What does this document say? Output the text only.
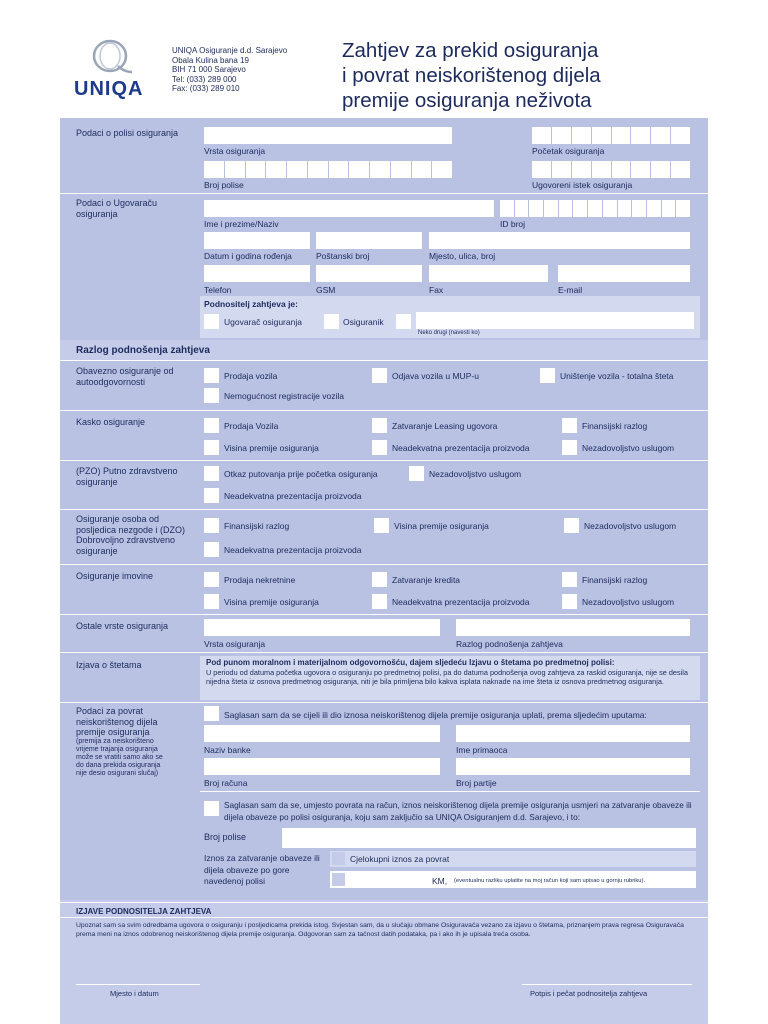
UNIQA
UNIQA Osiguranje d.d. Sarajevo
Obala Kulina bana 19
BIH 71 000 Sarajevo
Tel: (033) 289 000
Fax: (033) 289 010
Zahtjev za prekid osiguranja
i povrat neiskorištenog dijela
premije osiguranja neživota
Podaci o polisi osiguranja
Vrsta osiguranja	Početak osiguranja
Broj polise	Ugovoreni istek osiguranja
Podaci o Ugovaraču osiguranja
Ime i prezime/Naziv	ID broj
Datum i godina rođenja	Poštanski broj	Mjesto, ulica, broj
Telefon	GSM	Fax	E-mail
Podnositelj zahtjeva je:
Ugovarač osiguranja	Osiguranik
Neko drugi (navesti ko)
Razlog podnošenja zahtjeva
Obavezno osiguranje od autoodgovornosti
Prodaja vozila	Odjava vozila u MUP-u	Uništenje vozila - totalna šteta
Nemogućnost registracije vozila
Kasko osiguranje	Prodaja Vozila	Zatvaranje Leasing ugovora	Finansijski razlog
Visina premije osiguranja	Neadekvatna prezentacija proizvoda	Nezadovoljstvo uslugom
(PZO) Putno zdravstveno osiguranje
Otkaz putovanja prije početka osiguranja	Nezadovoljstvo uslugom
Neadekvatna prezentacija proizvoda
Osiguranje osoba od posljedica nezgode i (DZO) Dobrovoljno zdravstveno osiguranje
Finansijski razlog	Visina premije osiguranja	Nezadovoljstvo uslugom
Neadekvatna prezentacija proizvoda
Osiguranje imovine	Prodaja nekretnine	Zatvaranje kredita	Finansijski razlog
Visina premije osiguranja	Neadekvatna prezentacija proizvoda	Nezadovoljstvo uslugom
Ostale vrste osiguranja
Vrsta osiguranja	Razlog podnošenja zahtjeva
Izjava o štetama	Pod punom moralnom i materijalnom odgovornošću, dajem sljedeću Izjavu o štetama po predmetnoj polisi:
U periodu od datuma početka ugovora o osiguranju po predmetnoj polisi, pa do datuma podnošenja ovog zahtjeva za raskid osiguranja, nije se desila nijedna šteta iz osnova predmetnog osiguranja, niti je bila primljena bilo kakva isplata naknade na ime šteta iz osnova predmetnog osiguranja.
Podaci za povrat neiskorištenog dijela premije osiguranja
(premija za neiskorišteno vrijeme trajanja osiguranja može se vratiti samo ako se do dana prekida osiguranja nije desio osigurani slučaj)
Saglasan sam da se cijeli ili dio iznosa neiskorištenog dijela premije osiguranja uplati, prema sljedećim uputama:
Naziv banke	Ime primaoca
Broj računa	Broj partije
Saglasan sam da se, umjesto povrata na račun, iznos neiskorištenog dijela premije osiguranja usmjeri na zatvaranje obaveze ili dijela obaveze po polisi osiguranja, koju sam zaključio sa UNIQA Osiguranjem d.d. Sarajevo, i to:
Broj polise
Iznos za zatvaranje obaveze ili dijela obaveze po gore navedenoj polisi
Cjelokupni iznos za povrat
KM, (eventualnu razliku uplatite na moj račun koji sam upisao u gornju rubriku).
IZJAVE PODNOSITELJA ZAHTJEVA
Upoznat sam sa svim odredbama ugovora o osiguranju i posljedicama prekida istog. Svjestan sam, da u slučaju obmane Osiguravača vezano za izjavu o štetama, priznanjem prava regresa Osiguravača prema meni na iznos odobrenog neiskorištenog dijela premije osiguranja. Odgovoran sam za tačnost datih podataka, pa i ako ih je upisala treća osoba.
Mjesto i datum	Potpis i pečat podnositelja zahtjeva
